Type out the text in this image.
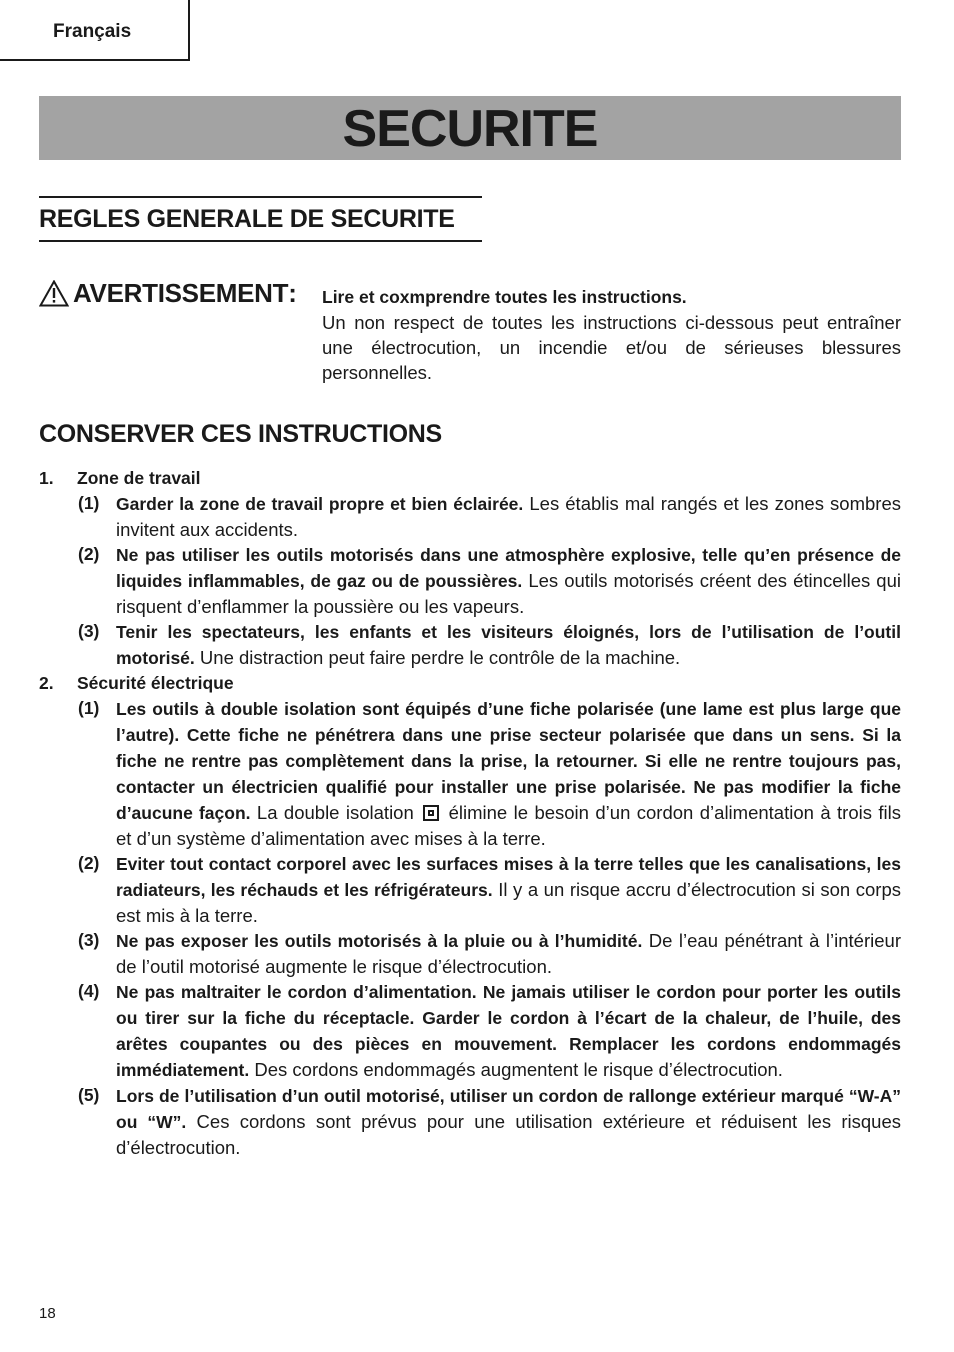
Français
SECURITE
REGLES GENERALE DE SECURITE
AVERTISSEMENT : Lire et coxmprendre toutes les instructions.
Un non respect de toutes les instructions ci-dessous peut entraîner une électrocution, un incendie et/ou de sérieuses blessures personnelles.
CONSERVER CES INSTRUCTIONS
1.	Zone de travail
(1) Garder la zone de travail propre et bien éclairée. Les établis mal rangés et les zones sombres invitent aux accidents.
(2) Ne pas utiliser les outils motorisés dans une atmosphère explosive, telle qu’en présence de liquides inflammables, de gaz ou de poussières. Les outils motorisés créent des étincelles qui risquent d’enflammer la poussière ou les vapeurs.
(3) Tenir les spectateurs, les enfants et les visiteurs éloignés, lors de l’utilisation de l’outil motorisé. Une distraction peut faire perdre le contrôle de la machine.
2.	Sécurité électrique
(1) Les outils à double isolation sont équipés d’une fiche polarisée (une lame est plus large que l’autre). Cette fiche ne pénétrera dans une prise secteur polarisée que dans un sens. Si la fiche ne rentre pas complètement dans la prise, la retourner. Si elle ne rentre toujours pas, contacter un électricien qualifié pour installer une prise polarisée. Ne pas modifier la fiche d’aucune façon. La double isolation  élimine le besoin d’un cordon d’alimentation à trois fils et d’un système d’alimentation avec mises à la terre.
(2) Eviter tout contact corporel avec les surfaces mises à la terre telles que les canalisations, les radiateurs, les réchauds et les réfrigérateurs. Il y a un risque accru d’électrocution si son corps est mis à la terre.
(3) Ne pas exposer les outils motorisés à la pluie ou à l’humidité. De l’eau pénétrant à l’intérieur de l’outil motorisé augmente le risque d’électrocution.
(4) Ne pas maltraiter le cordon d’alimentation. Ne jamais utiliser le cordon pour porter les outils ou tirer sur la fiche du réceptacle. Garder le cordon à l’écart de la chaleur, de l’huile, des arêtes coupantes ou des pièces en mouvement. Remplacer les cordons endommagés immédiatement. Des cordons endommagés augmentent le risque d’électrocution.
(5) Lors de l’utilisation d’un outil motorisé, utiliser un cordon de rallonge extérieur marqué “W-A” ou “W”. Ces cordons sont prévus pour une utilisation extérieure et réduisent les risques d’électrocution.
18
